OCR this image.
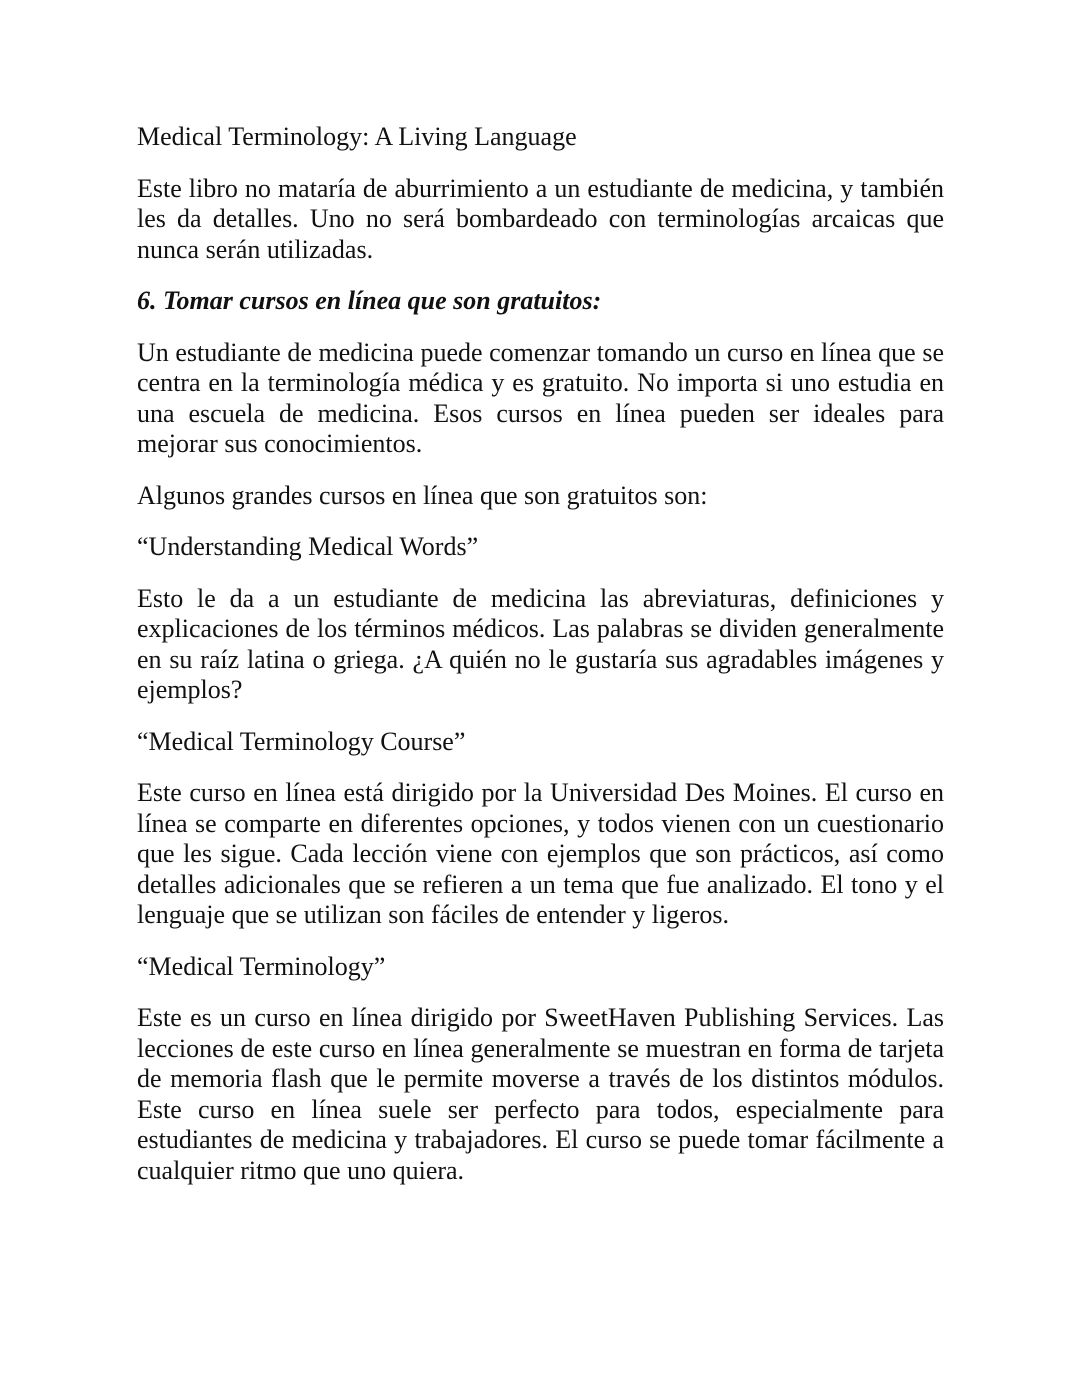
Medical Terminology: A Living Language

Este libro no mataría de aburrimiento a un estudiante de medicina, y también les da detalles. Uno no será bombardeado con terminologías arcaicas que nunca serán utilizadas.

6. Tomar cursos en línea que son gratuitos:

Un estudiante de medicina puede comenzar tomando un curso en línea que se centra en la terminología médica y es gratuito. No importa si uno estudia en una escuela de medicina. Esos cursos en línea pueden ser ideales para mejorar sus conocimientos.

Algunos grandes cursos en línea que son gratuitos son:

“Understanding Medical Words”

Esto le da a un estudiante de medicina las abreviaturas, definiciones y explicaciones de los términos médicos. Las palabras se dividen generalmente en su raíz latina o griega. ¿A quién no le gustaría sus agradables imágenes y ejemplos?

“Medical Terminology Course”

Este curso en línea está dirigido por la Universidad Des Moines. El curso en línea se comparte en diferentes opciones, y todos vienen con un cuestionario que les sigue. Cada lección viene con ejemplos que son prácticos, así como detalles adicionales que se refieren a un tema que fue analizado. El tono y el lenguaje que se utilizan son fáciles de entender y ligeros.

“Medical Terminology”

Este es un curso en línea dirigido por SweetHaven Publishing Services. Las lecciones de este curso en línea generalmente se muestran en forma de tarjeta de memoria flash que le permite moverse a través de los distintos módulos. Este curso en línea suele ser perfecto para todos, especialmente para estudiantes de medicina y trabajadores. El curso se puede tomar fácilmente a cualquier ritmo que uno quiera.
